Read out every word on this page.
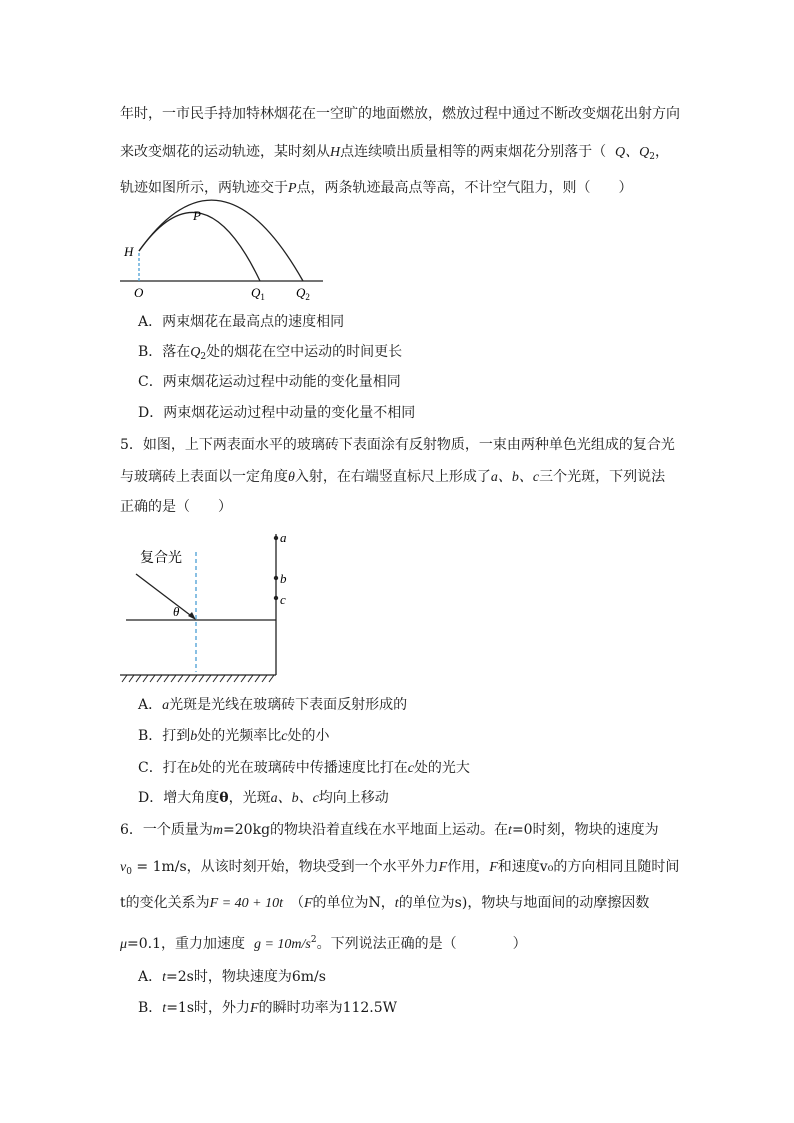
年时，一市民手持加特林烟花在一空旷的地面燃放，燃放过程中通过不断改变烟花出射方向
来改变烟花的运动轨迹，某时刻从H点连续喷出质量相等的两束烟花分别落于（ Q、$Q_2$，
轨迹如图所示，两轨迹交于P点，两条轨迹最高点等高，不计空气阻力，则（　　）
H
P
O	$Q_1$ $Q_2$
A．两束烟花在最高点的速度相同
B．落在$Q_2$处的烟花在空中运动的时间更长
C．两束烟花运动过程中动能的变化量相同
D．两束烟花运动过程中动量的变化量不相同
5．如图，上下两表面水平的玻璃砖下表面涂有反射物质，一束由两种单色光组成的复合光
与玻璃砖上表面以一定角度θ入射，在右端竖直标尺上形成了a、b、c三个光斑，下列说法
正确的是（　　）
复合光
θ
a
b
c
A．a光斑是光线在玻璃砖下表面反射形成的
B．打到b处的光频率比c处的小
C．打在b处的光在玻璃砖中传播速度比打在c处的光大
D．增大角度θ，光斑a、b、c均向上移动
6．一个质量为m=20kg的物块沿着直线在水平地面上运动。在t=0时刻，物块的速度为
$v_0 = 1m/s$，从该时刻开始，物块受到一个水平外力F作用，F和速度v₀的方向相同且随时间
t的变化关系为F = 40 + 10t　（F的单位为N，t的单位为s)，物块与地面间的动摩擦因数
μ=0.1，重力加速度 $g = 10m/s^2$。下列说法正确的是（　　　　）
A．t=2s时，物块速度为6m/s
B．t=1s时，外力F的瞬时功率为112.5W
